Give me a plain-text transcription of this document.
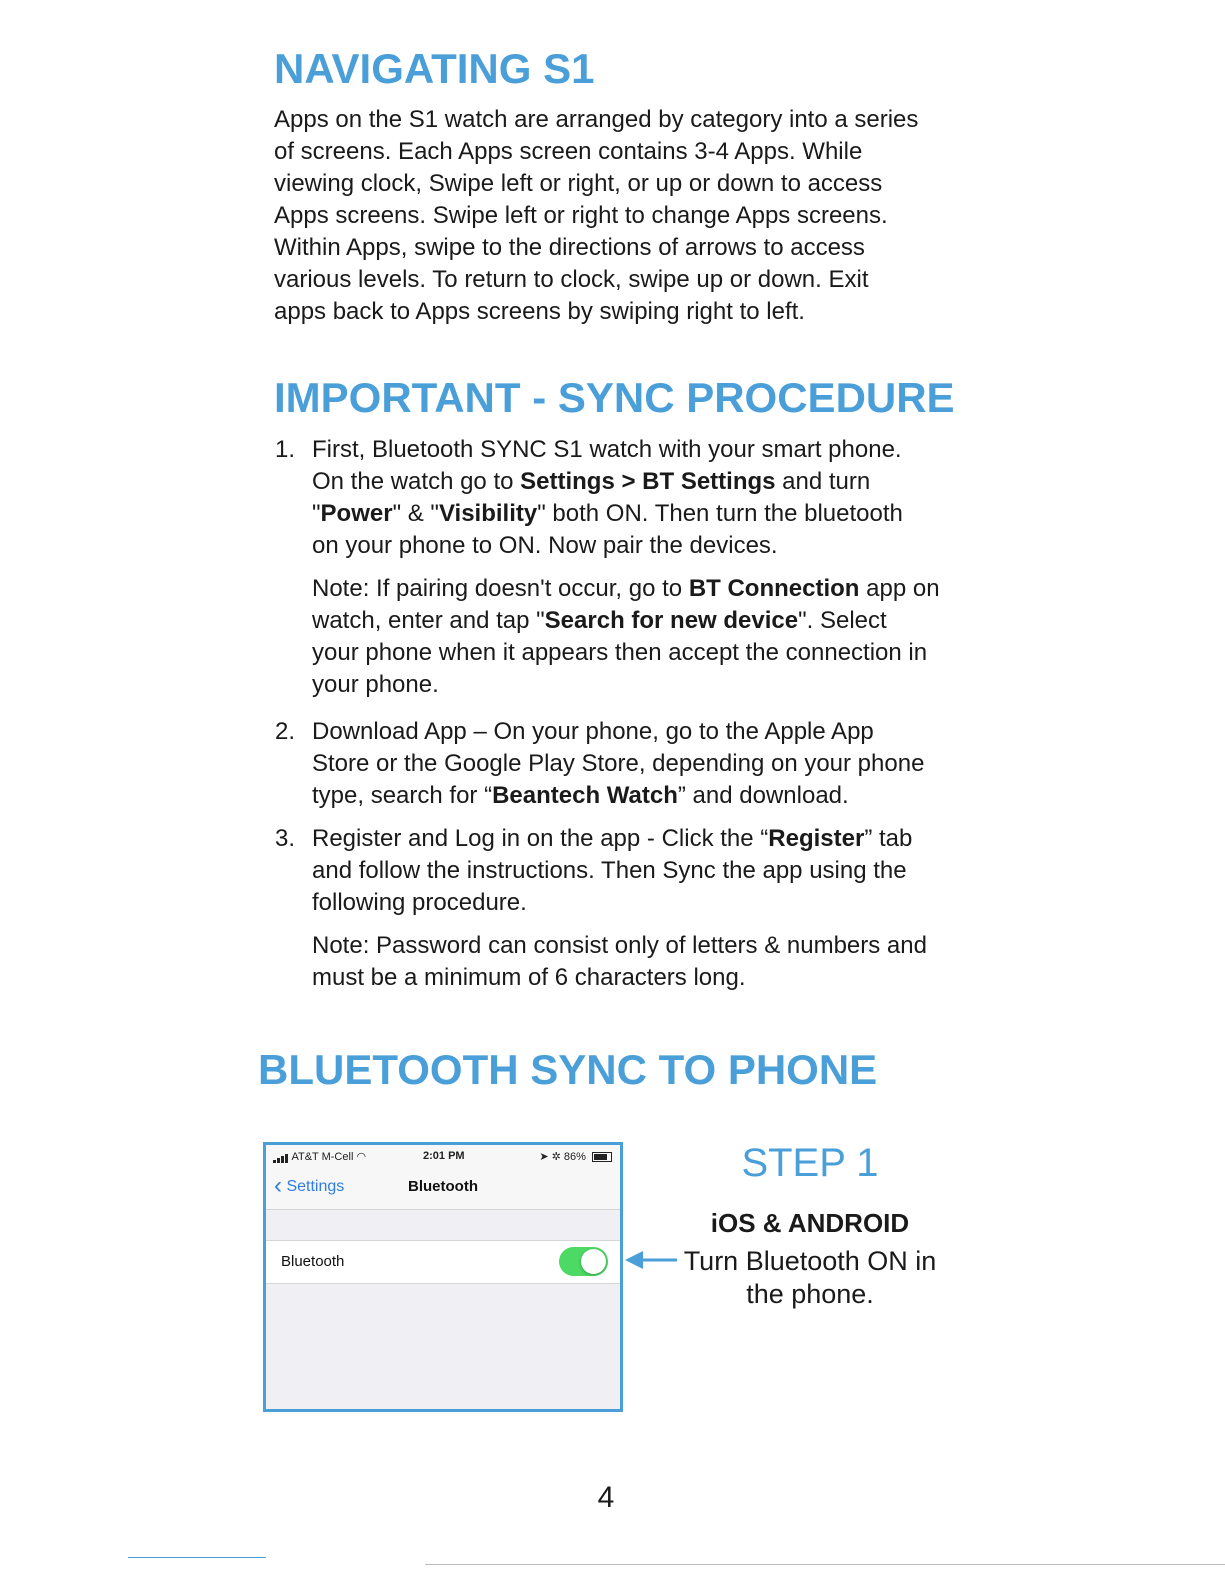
NAVIGATING S1
Apps on the S1 watch are arranged by category into a series
of screens. Each Apps screen contains 3-4 Apps. While
viewing clock, Swipe left or right, or up or down to access
Apps screens. Swipe left or right to change Apps screens.
Within Apps, swipe to the directions of arrows to access
various levels. To return to clock, swipe up or down. Exit
apps back to Apps screens by swiping right to left.
IMPORTANT - SYNC PROCEDURE
1. First, Bluetooth SYNC S1 watch with your smart phone.
On the watch go to Settings > BT Settings and turn
"Power" & "Visibility" both ON. Then turn the bluetooth
on your phone to ON. Now pair the devices.
Note: If pairing doesn't occur, go to BT Connection app on
watch, enter and tap "Search for new device". Select
your phone when it appears then accept the connection in
your phone.
2. Download App – On your phone, go to the Apple App
Store or the Google Play Store, depending on your phone
type, search for “Beantech Watch” and download.
3. Register and Log in on the app - Click the “Register” tab
and follow the instructions. Then Sync the app using the
following procedure.
Note: Password can consist only of letters & numbers and
must be a minimum of 6 characters long.
BLUETOOTH SYNC TO PHONE
AT&T M-Cell ◠	2:01 PM	➤ ✲ 86%
‹ Settings	Bluetooth
Bluetooth
STEP 1
iOS & ANDROID
Turn Bluetooth ON in
the phone.
4
